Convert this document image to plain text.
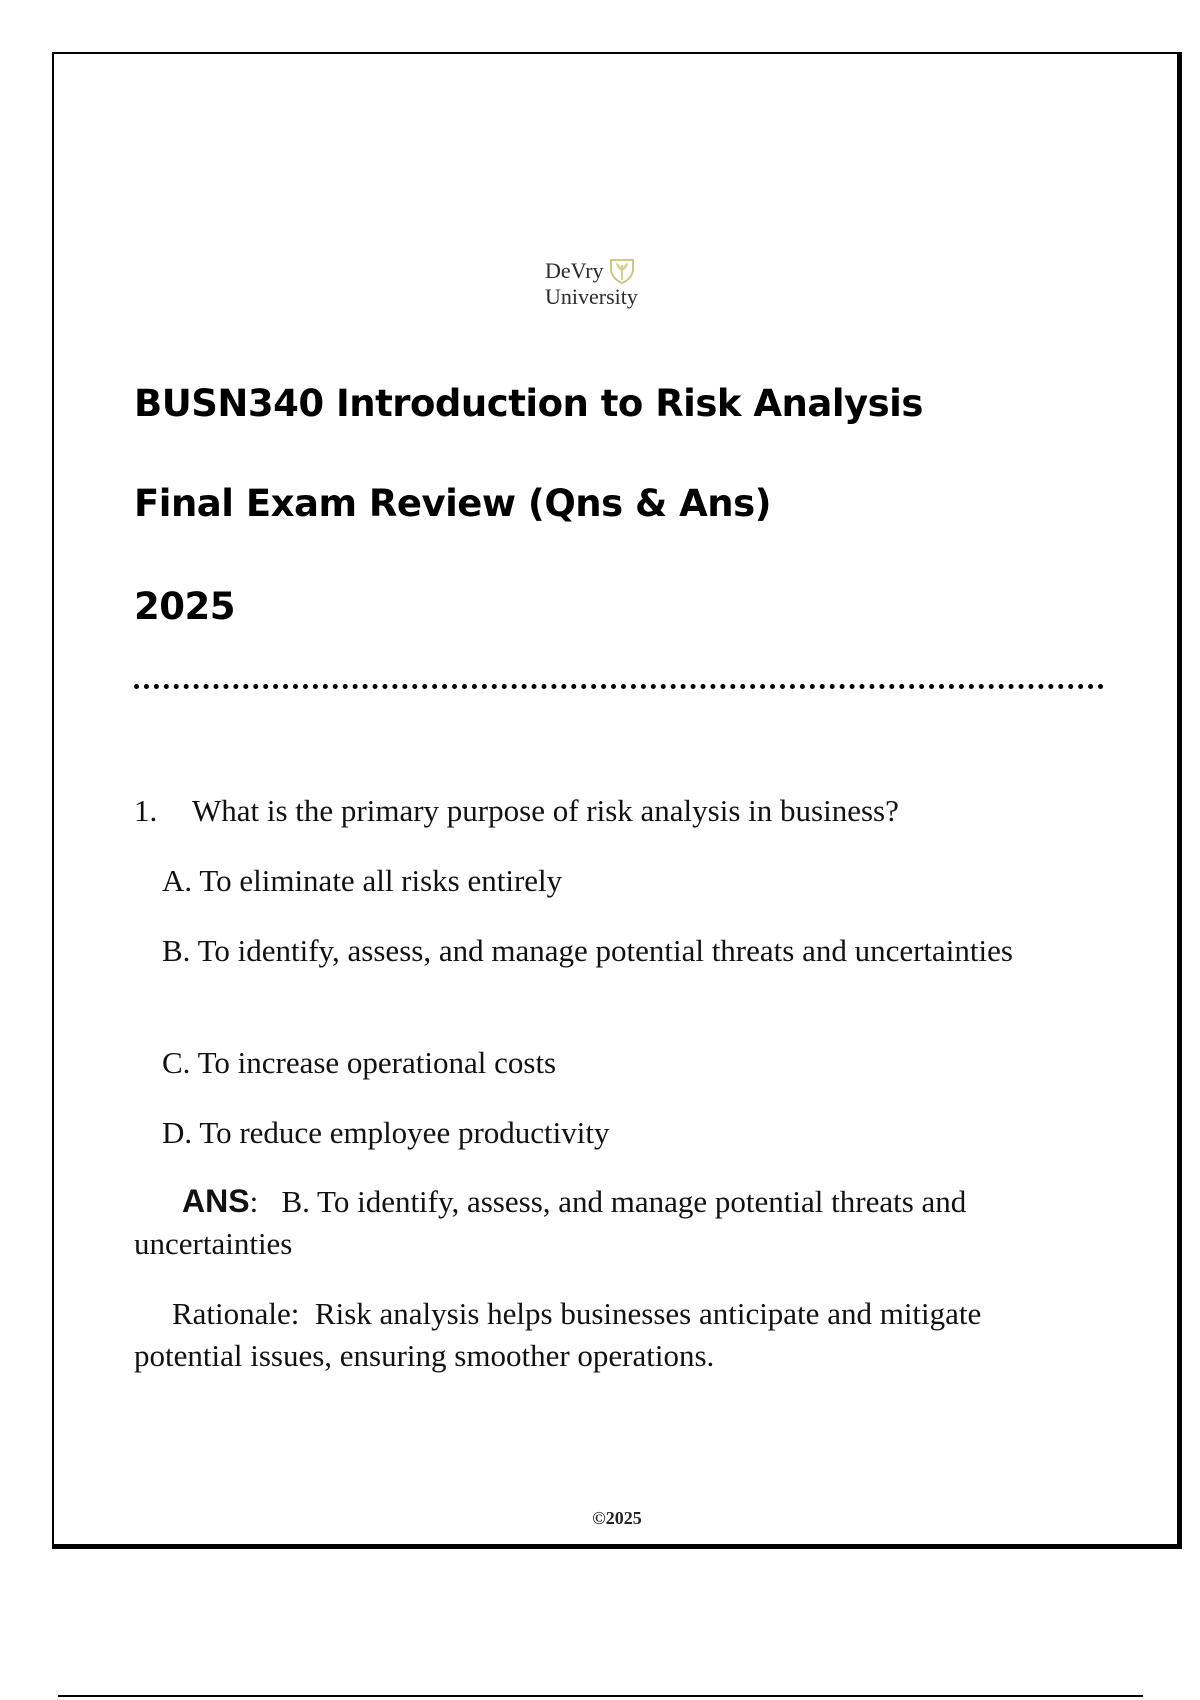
DeVry
University
BUSN340 Introduction to Risk Analysis
Final Exam Review (Qns & Ans)
2025
1. What is the primary purpose of risk analysis in business?
A. To eliminate all risks entirely
B. To identify, assess, and manage potential threats and uncertainties
C. To increase operational costs
D. To reduce employee productivity
ANS:   B. To identify, assess, and manage potential threats and uncertainties
Rationale: Risk analysis helps businesses anticipate and mitigate potential issues, ensuring smoother operations.
©2025
